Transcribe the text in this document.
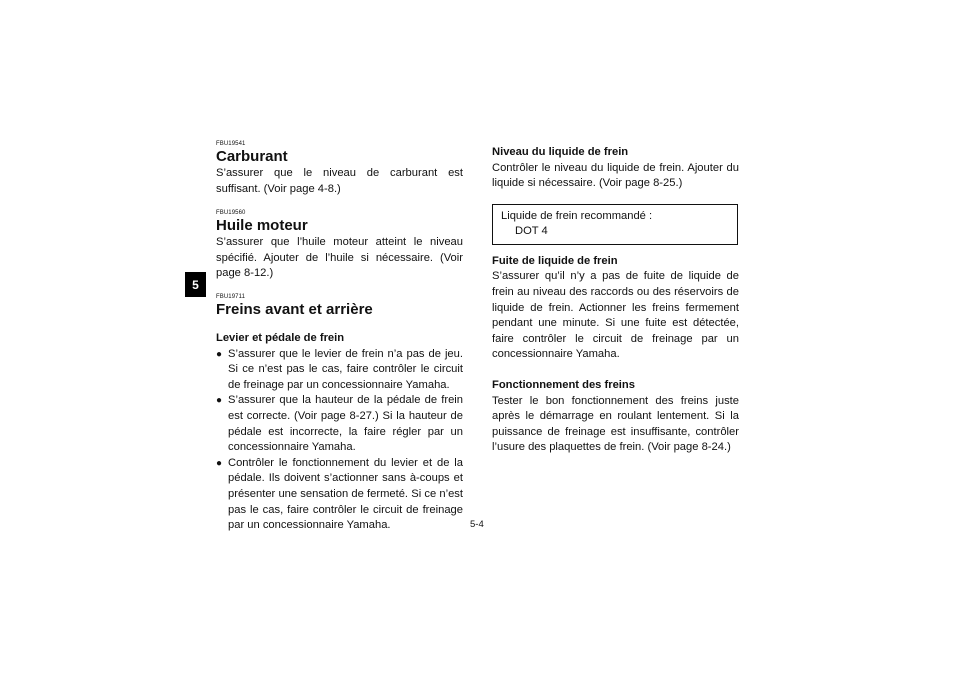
5
FBU19541
Carburant
S’assurer que le niveau de carburant est suffisant. (Voir page 4-8.)
FBU19560
Huile moteur
S’assurer que l’huile moteur atteint le niveau spécifié. Ajouter de l’huile si nécessaire. (Voir page 8-12.)
FBU19711
Freins avant et arrière
Levier et pédale de frein
● S’assurer que le levier de frein n’a pas de jeu. Si ce n’est pas le cas, faire contrôler le circuit de freinage par un concessionnaire Yamaha.
● S’assurer que la hauteur de la pédale de frein est correcte. (Voir page 8-27.) Si la hauteur de pédale est incorrecte, la faire régler par un concessionnaire Yamaha.
● Contrôler le fonctionnement du levier et de la pédale. Ils doivent s’actionner sans à-coups et présenter une sensation de fermeté. Si ce n’est pas le cas, faire contrôler le circuit de freinage par un concessionnaire Yamaha.
Niveau du liquide de frein
Contrôler le niveau du liquide de frein. Ajouter du liquide si nécessaire. (Voir page 8-25.)
Liquide de frein recommandé :
DOT 4
Fuite de liquide de frein
S’assurer qu’il n’y a pas de fuite de liquide de frein au niveau des raccords ou des réservoirs de liquide de frein. Actionner les freins fermement pendant une minute. Si une fuite est détectée, faire contrôler le circuit de freinage par un concessionnaire Yamaha.
Fonctionnement des freins
Tester le bon fonctionnement des freins juste après le démarrage en roulant lentement. Si la puissance de freinage est insuffisante, contrôler l’usure des plaquettes de frein. (Voir page 8-24.)
5-4
